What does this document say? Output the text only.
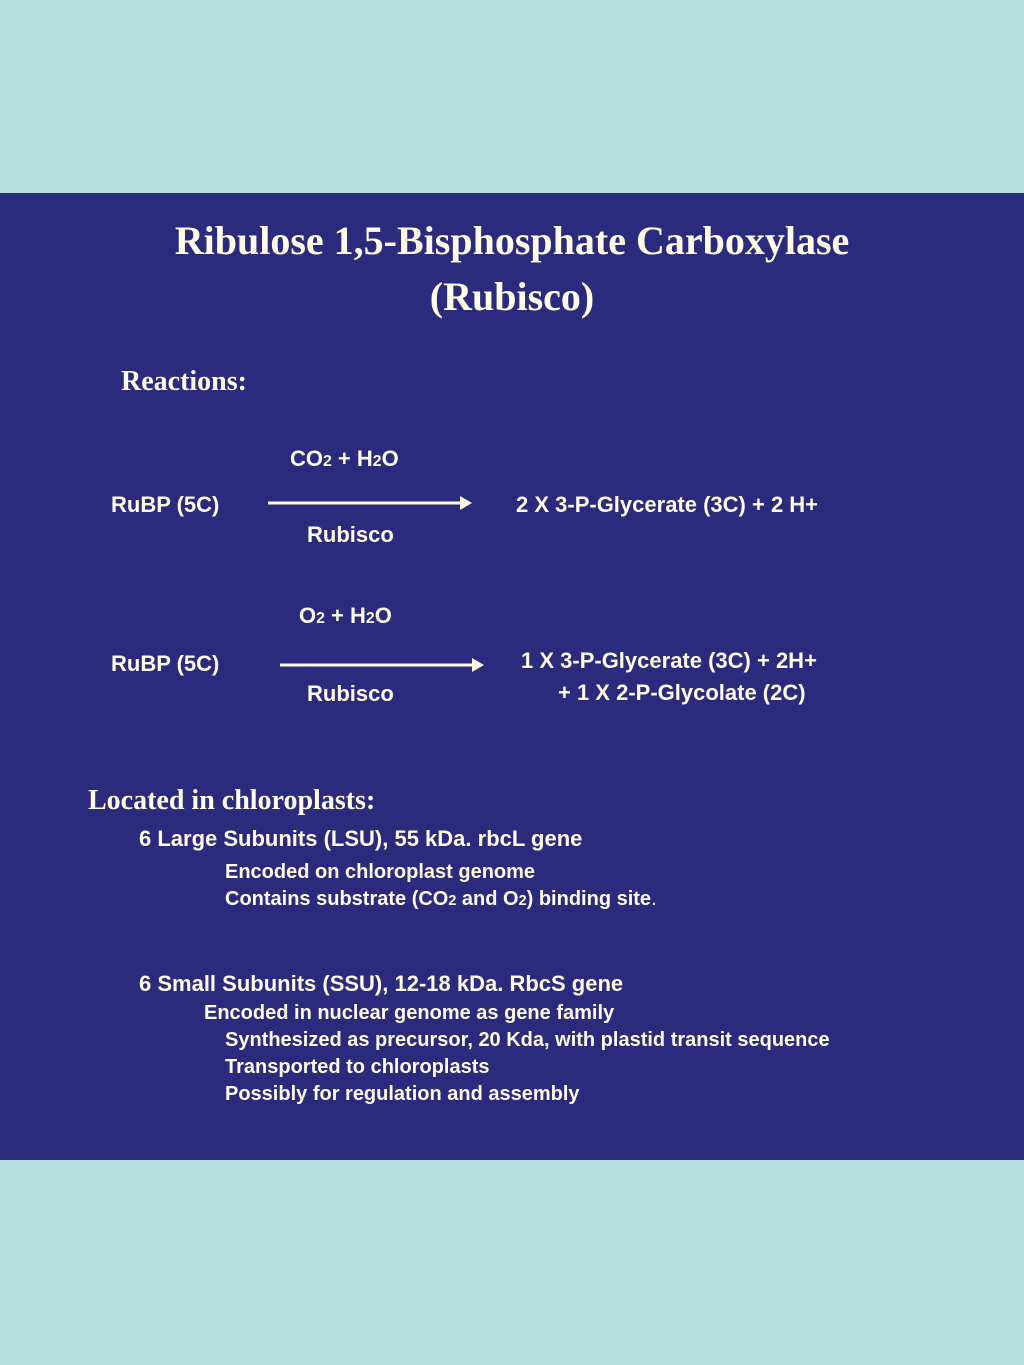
Ribulose 1,5-Bisphosphate Carboxylase
(Rubisco)
Reactions:
CO2 + H2O
RuBP (5C)
Rubisco
2 X 3-P-Glycerate (3C) + 2 H+
O2 + H2O
RuBP (5C)
Rubisco
1 X 3-P-Glycerate (3C) + 2H+
+ 1 X 2-P-Glycolate (2C)
Located in chloroplasts:
6 Large Subunits (LSU), 55 kDa. rbcL gene
Encoded on chloroplast genome
Contains substrate (CO2 and O2) binding site.
6 Small Subunits (SSU), 12-18 kDa. RbcS gene
Encoded in nuclear genome as gene family
Synthesized as precursor, 20 Kda, with plastid transit sequence
Transported to chloroplasts
Possibly for regulation and assembly
